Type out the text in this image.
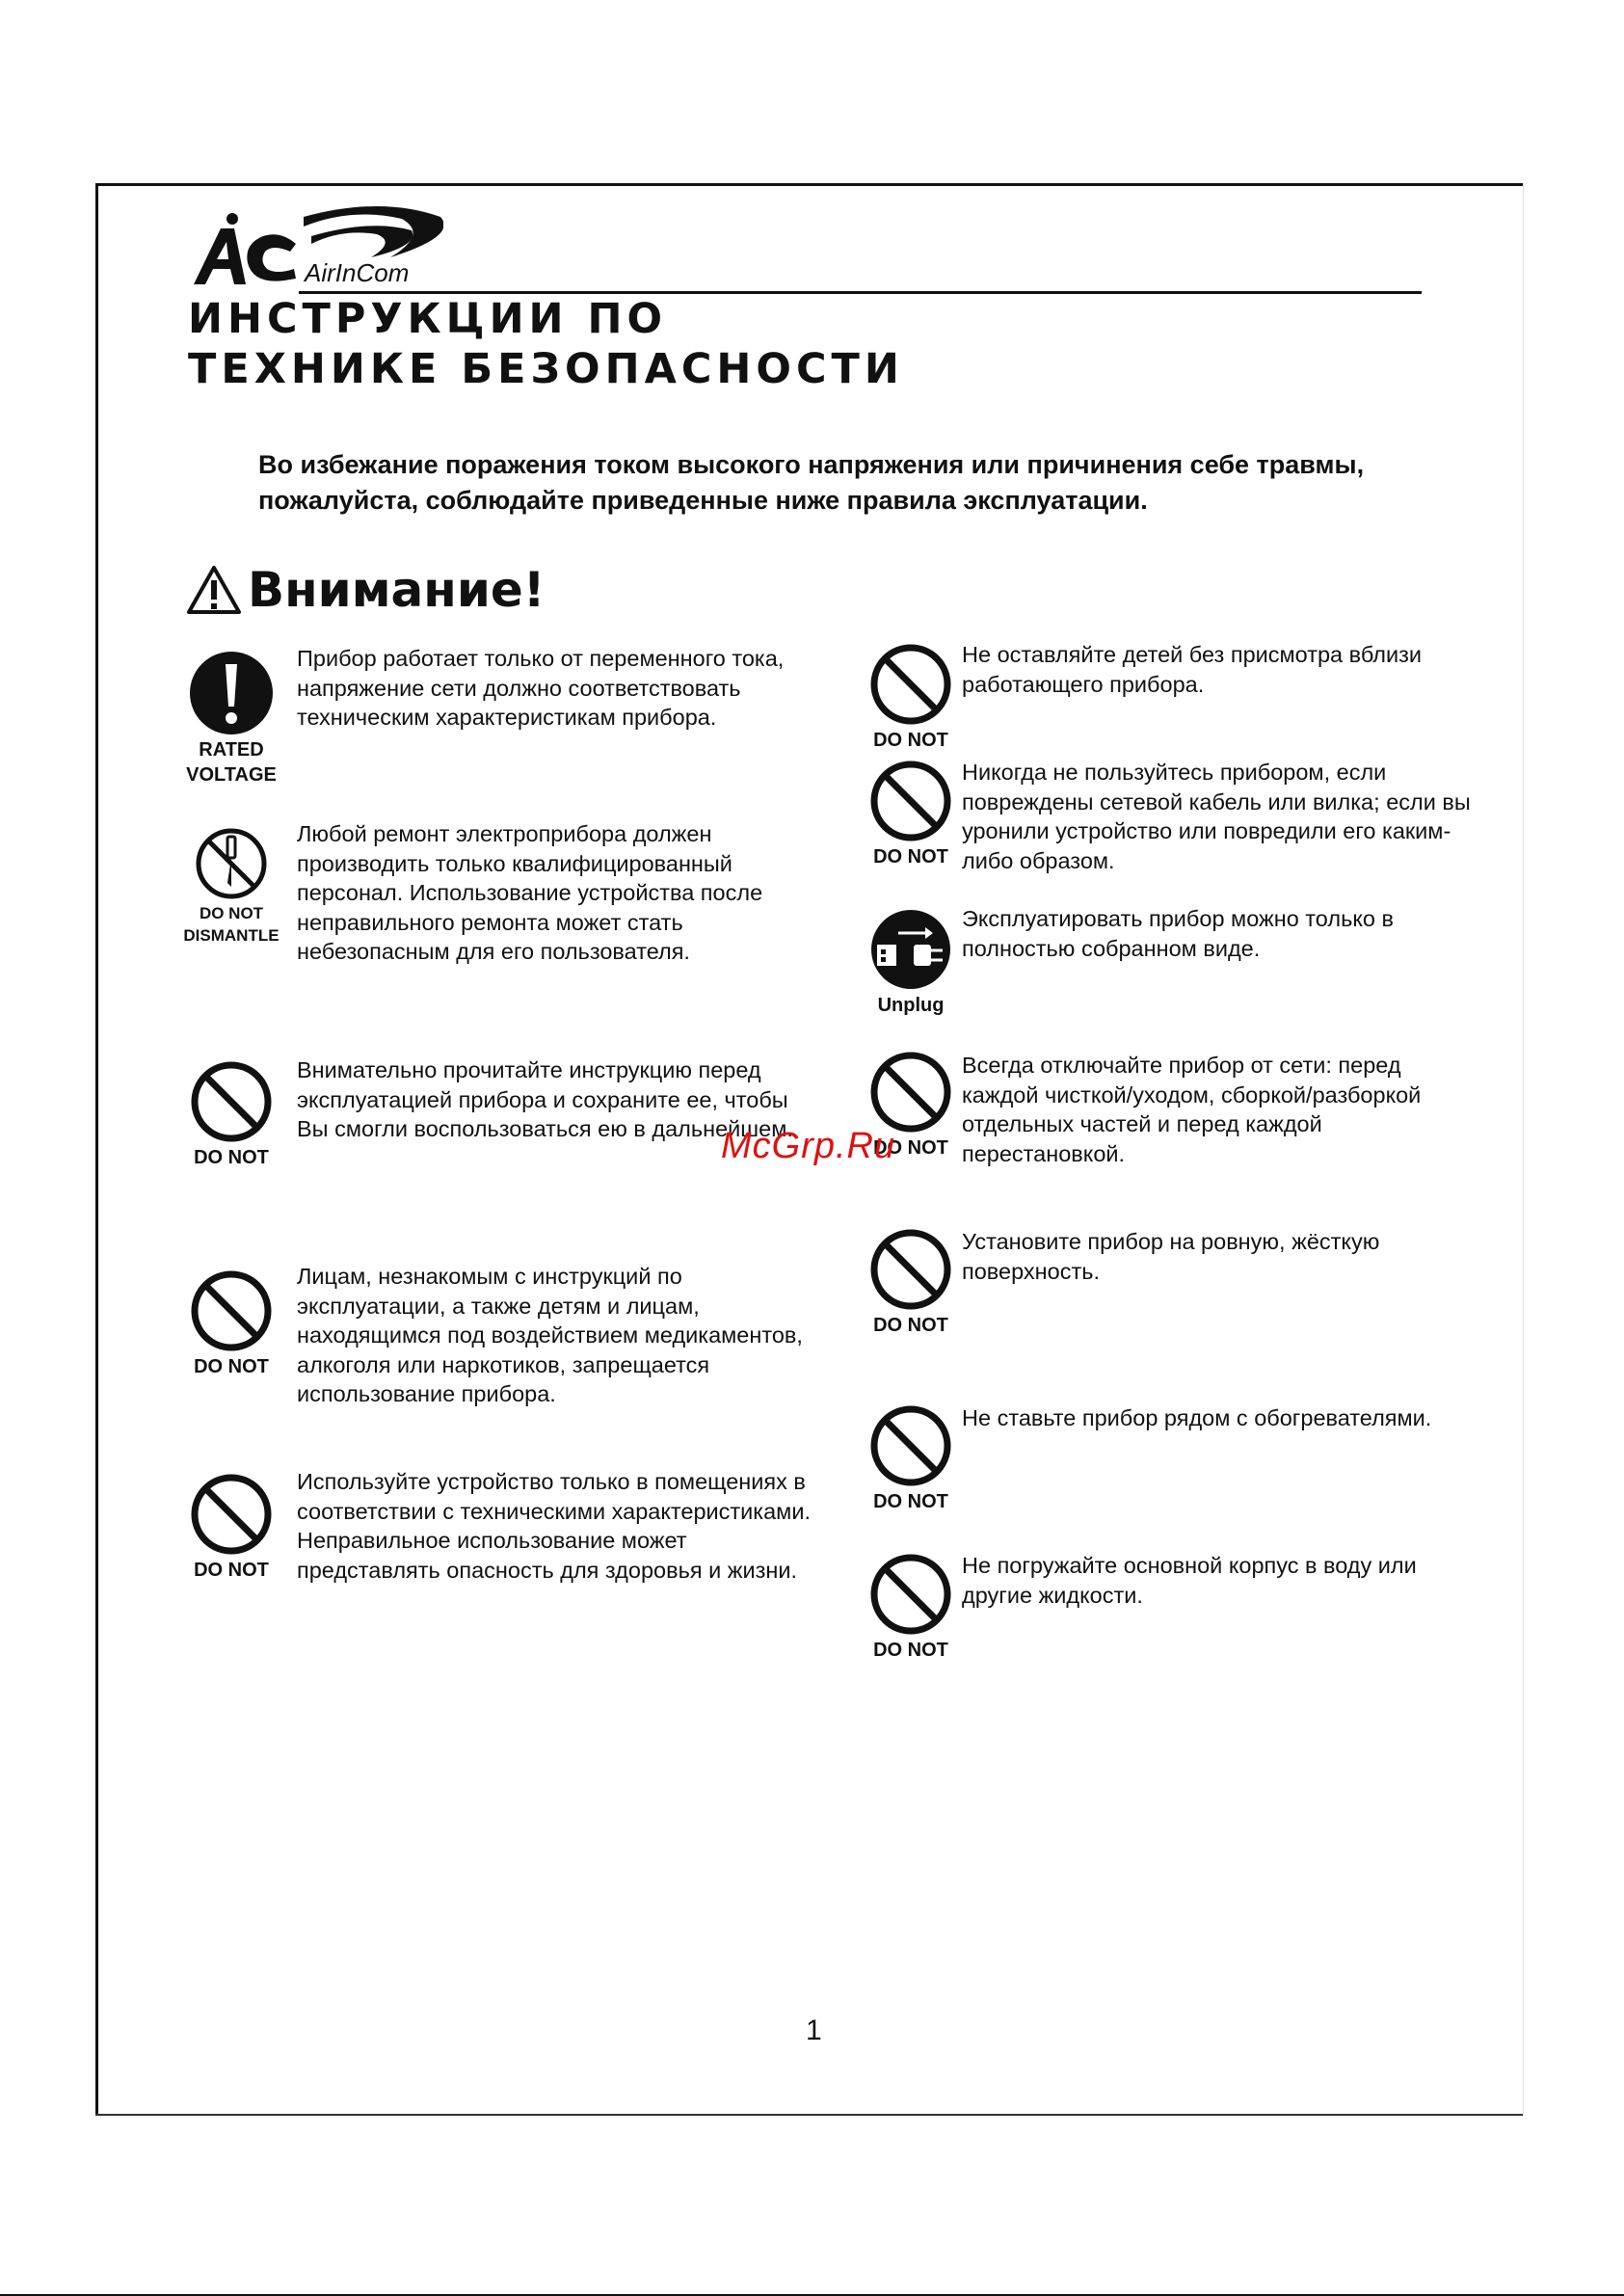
AirInCom
ИНСТРУКЦИИ ПО
ТЕХНИКЕ БЕЗОПАСНОСТИ

Во избежание поражения током высокого напряжения или причинения себе травмы, пожалуйста, соблюдайте приведенные ниже правила эксплуатации.

Внимание!
RATED
VOLTAGE

Прибор работает только от переменного тока, напряжение сети должно соответствовать техническим характеристикам прибора.

DO NOT
DISMANTLE

Любой ремонт электроприбора должен производить только квалифицированный персонал. Использование устройства после неправильного ремонта может стать небезопасным для его пользователя.

DO NOT

Внимательно прочитайте инструкцию перед эксплуатацией прибора и сохраните ее, чтобы Вы смогли воспользоваться ею в дальнейшем.

DO NOT

Лицам, незнакомым с инструкций по эксплуатации, а также детям и лицам, находящимся под воздействием медикаментов, алкоголя или наркотиков, запрещается использование прибора.

DO NOT

Используйте устройство только в помещениях в соответствии с техническими характеристиками. Неправильное использование может представлять опасность для здоровья и жизни.

DO NOT

Не оставляйте детей без присмотра вблизи работающего прибора.

DO NOT

Никогда не пользуйтесь прибором, если повреждены сетевой кабель или вилка; если вы уронили устройство или повредили его каким-либо образом.

Unplug

Эксплуатировать прибор можно только в полностью собранном виде.

DO NOT

Всегда отключайте прибор от сети: перед каждой чисткой/уходом, сборкой/разборкой отдельных частей и перед каждой перестановкой.

DO NOT

Установите прибор на ровную, жёсткую поверхность.

DO NOT

Не ставьте прибор рядом с обогревателями.

DO NOT

Не погружайте основной корпус в воду или другие жидкости.

McGrp.Ru
1
